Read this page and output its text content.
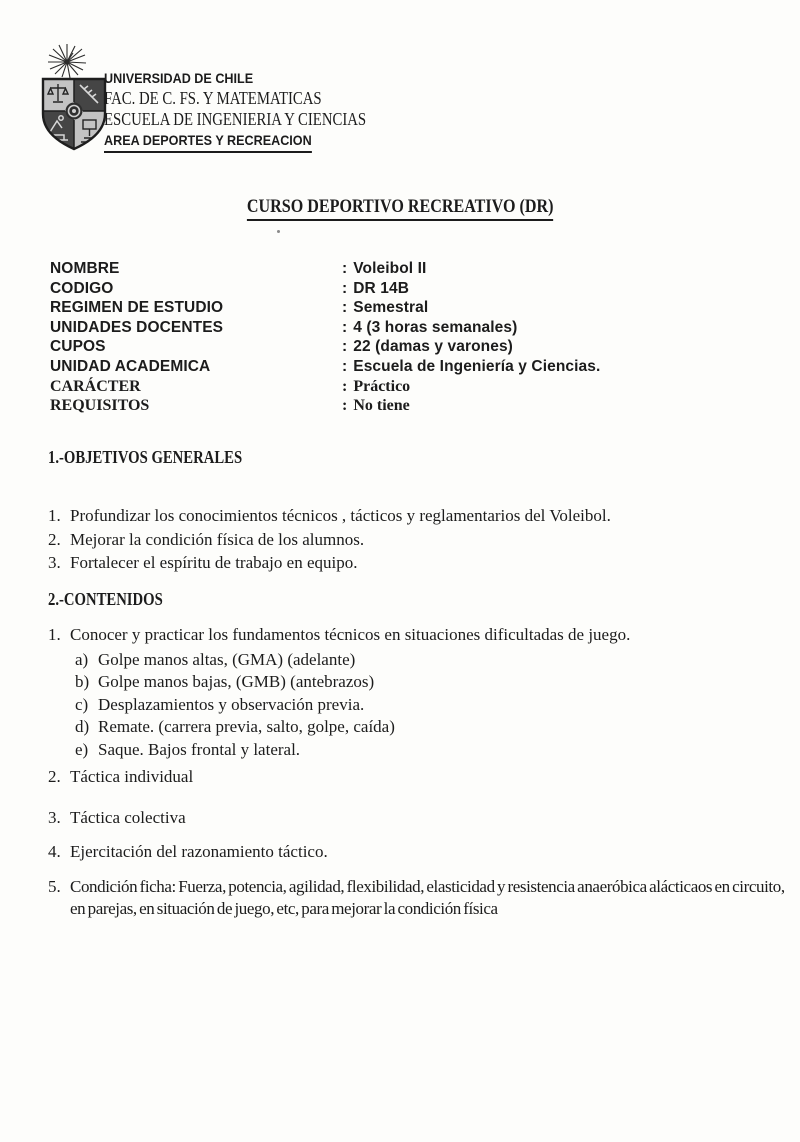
UNIVERSIDAD DE CHILE
FAC. DE C. FS. Y MATEMATICAS
ESCUELA DE INGENIERIA Y CIENCIAS
AREA DEPORTES Y RECREACION
CURSO DEPORTIVO RECREATIVO (DR)
NOMBRE	: Voleibol II
CODIGO	: DR 14B
REGIMEN DE ESTUDIO	: Semestral
UNIDADES DOCENTES	: 4 (3 horas semanales)
CUPOS	: 22 (damas y varones)
UNIDAD ACADEMICA	: Escuela de Ingeniería y Ciencias.
CARÁCTER	: Práctico
REQUISITOS	: No tiene
1.-OBJETIVOS GENERALES
1. Profundizar los conocimientos técnicos , tácticos y reglamentarios del Voleibol.
2. Mejorar la condición física de los alumnos.
3. Fortalecer el espíritu de trabajo en equipo.
2.-CONTENIDOS
1. Conocer y practicar los fundamentos técnicos en situaciones dificultadas de juego.
a) Golpe manos altas, (GMA) (adelante)
b) Golpe manos bajas, (GMB) (antebrazos)
c) Desplazamientos y observación previa.
d) Remate. (carrera previa, salto, golpe, caída)
e) Saque. Bajos frontal y lateral.
2. Táctica individual
3. Táctica colectiva
4. Ejercitación del razonamiento táctico.
5. Condición ficha: Fuerza, potencia, agilidad, flexibilidad, elasticidad y resistencia anaeróbica alácticaos en circuito, en parejas, en situación de juego, etc, para mejorar la condición física
